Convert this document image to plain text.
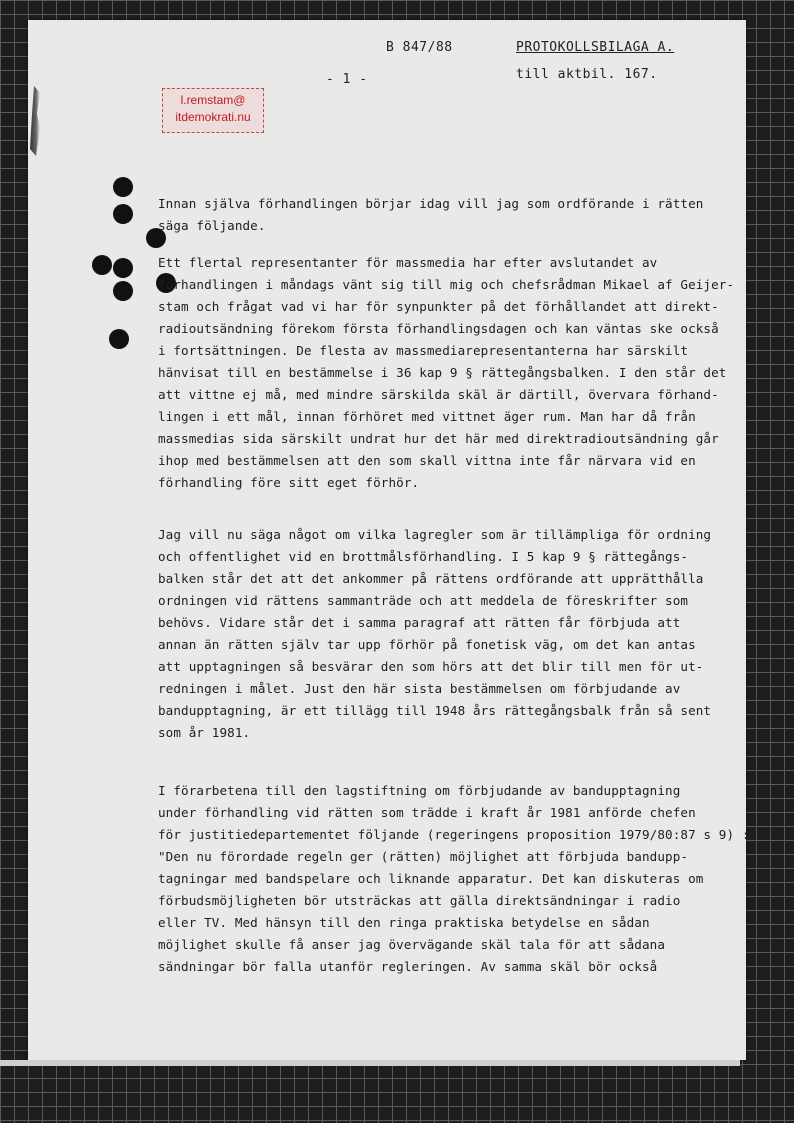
B 847/88	PROTOKOLLSBILAGA A.
- 1 -	till aktbil. 167.
l.remstam@
itdemokrati.nu
Innan själva förhandlingen börjar idag vill jag som ordförande i rätten
säga följande.
Ett flertal representanter för massmedia har efter avslutandet av
förhandlingen i måndags vänt sig till mig och chefsrådman Mikael af Geijer-
stam och frågat vad vi har för synpunkter på det förhållandet att direkt-
radioutsändning förekom första förhandlingsdagen och kan väntas ske också
i fortsättningen. De flesta av massmediarepresentanterna har särskilt
hänvisat till en bestämmelse i 36 kap 9 § rättegångsbalken. I den står det
att vittne ej må, med mindre särskilda skäl är därtill, övervara förhand-
lingen i ett mål, innan förhöret med vittnet äger rum. Man har då från
massmedias sida särskilt undrat hur det här med direktradioutsändning går
ihop med bestämmelsen att den som skall vittna inte får närvara vid en
förhandling före sitt eget förhör.
Jag vill nu säga något om vilka lagregler som är tillämpliga för ordning
och offentlighet vid en brottmålsförhandling. I 5 kap 9 § rättegångs-
balken står det att det ankommer på rättens ordförande att upprätthålla
ordningen vid rättens sammanträde och att meddela de föreskrifter som
behövs. Vidare står det i samma paragraf att rätten får förbjuda att
annan än rätten själv tar upp förhör på fonetisk väg, om det kan antas
att upptagningen så besvärar den som hörs att det blir till men för ut-
redningen i målet. Just den här sista bestämmelsen om förbjudande av
bandupptagning, är ett tillägg till 1948 års rättegångsbalk från så sent
som år 1981.
I förarbetena till den lagstiftning om förbjudande av bandupptagning
under förhandling vid rätten som trädde i kraft år 1981 anförde chefen
för justitiedepartementet följande (regeringens proposition 1979/80:87 s 9) :
"Den nu förordade regeln ger (rätten) möjlighet att förbjuda bandupp-
tagningar med bandspelare och liknande apparatur. Det kan diskuteras om
förbudsmöjligheten bör utsträckas att gälla direktsändningar i radio
eller TV. Med hänsyn till den ringa praktiska betydelse en sådan
möjlighet skulle få anser jag övervägande skäl tala för att sådana
sändningar bör falla utanför regleringen. Av samma skäl bör också
